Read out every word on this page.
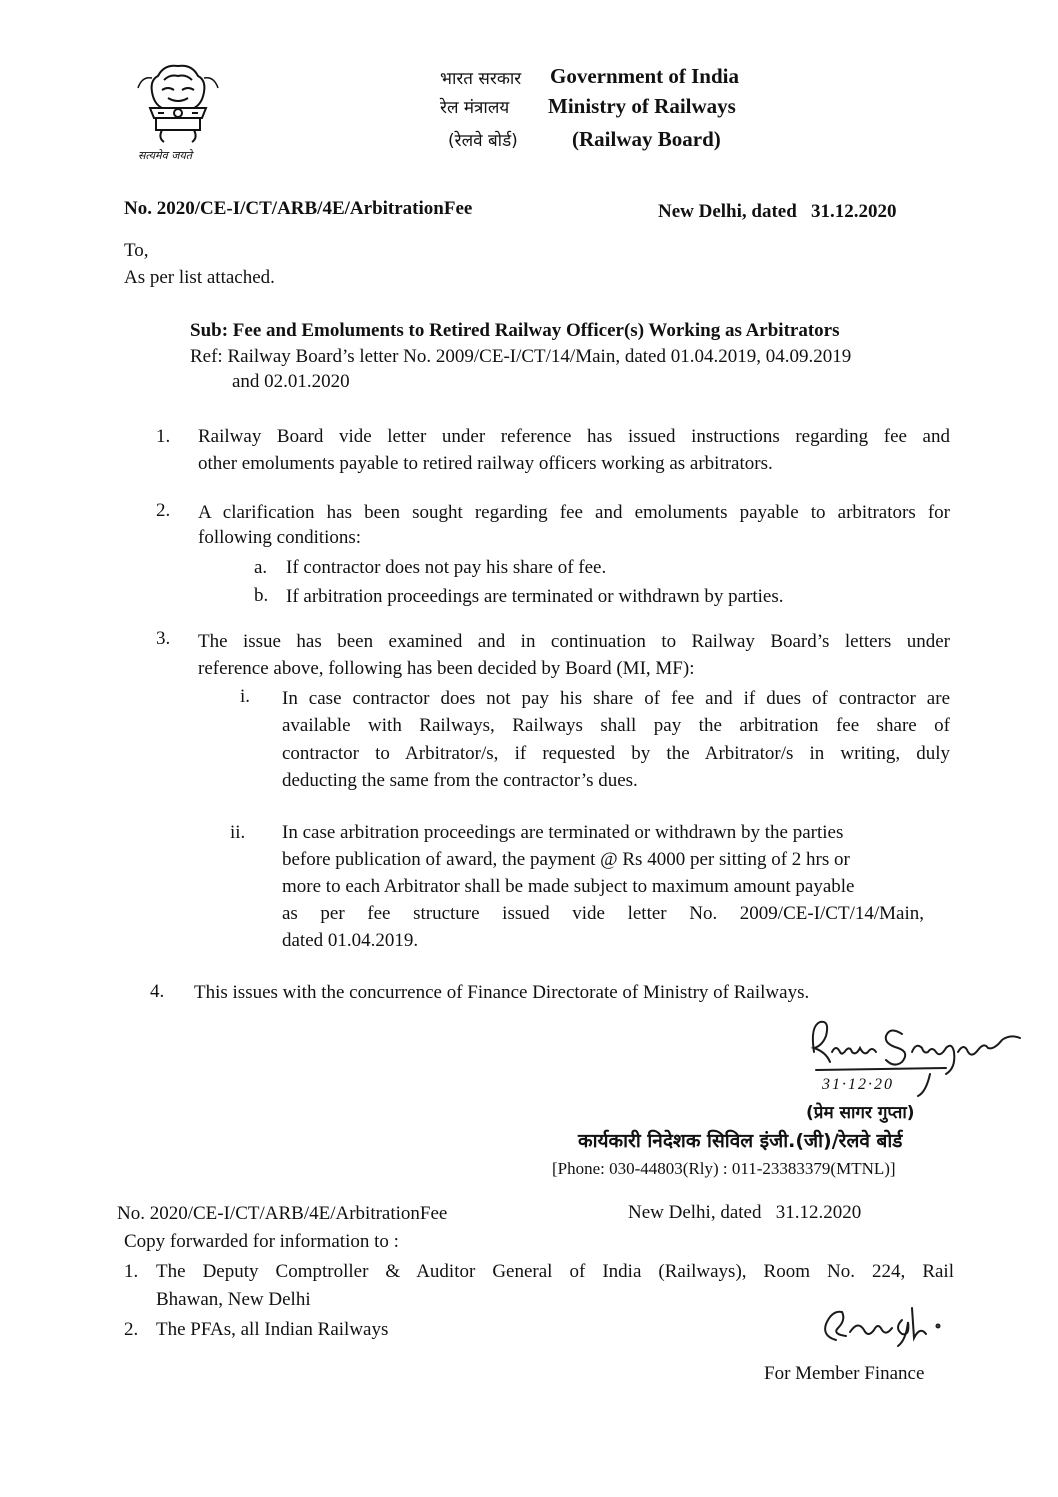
सत्यमेव जयते
भारत सरकार Government of India
रेल मंत्रालय Ministry of Railways
(रेलवे बोर्ड)	(Railway Board)
No. 2020/CE-I/CT/ARB/4E/ArbitrationFee	New Delhi, dated   31.12.2020
To,
As per list attached.
Sub: Fee and Emoluments to Retired Railway Officer(s) Working as Arbitrators
Ref: Railway Board’s letter No. 2009/CE-I/CT/14/Main, dated 01.04.2019, 04.09.2019
and 02.01.2020
1. Railway Board vide letter under reference has issued instructions regarding fee and
other emoluments payable to retired railway officers working as arbitrators.
2. A clarification has been sought regarding fee and emoluments payable to arbitrators for
following conditions:
a. If contractor does not pay his share of fee.
b. If arbitration proceedings are terminated or withdrawn by parties.
3. The issue has been examined and in continuation to Railway Board’s letters under
reference above, following has been decided by Board (MI, MF):
i. In case contractor does not pay his share of fee and if dues of contractor are
available with Railways, Railways shall pay the arbitration fee share of
contractor to Arbitrator/s, if requested by the Arbitrator/s in writing, duly
deducting the same from the contractor’s dues.
ii. In case arbitration proceedings are terminated or withdrawn by the parties
before publication of award, the payment @ Rs 4000 per sitting of 2 hrs or
more to each Arbitrator shall be made subject to maximum amount payable
as per fee structure issued vide letter No. 2009/CE-I/CT/14/Main,
dated 01.04.2019.
4. This issues with the concurrence of Finance Directorate of Ministry of Railways.
31·12·20
(प्रेम सागर गुप्ता)
कार्यकारी निदेशक सिविल इंजी.(जी)/रेलवे बोर्ड
[Phone: 030-44803(Rly) : 011-23383379(MTNL)]
No. 2020/CE-I/CT/ARB/4E/ArbitrationFee	New Delhi, dated   31.12.2020
Copy forwarded for information to :
1. The Deputy Comptroller & Auditor General of India (Railways), Room No. 224, Rail
Bhawan, New Delhi
2. The PFAs, all Indian Railways
For Member Finance
